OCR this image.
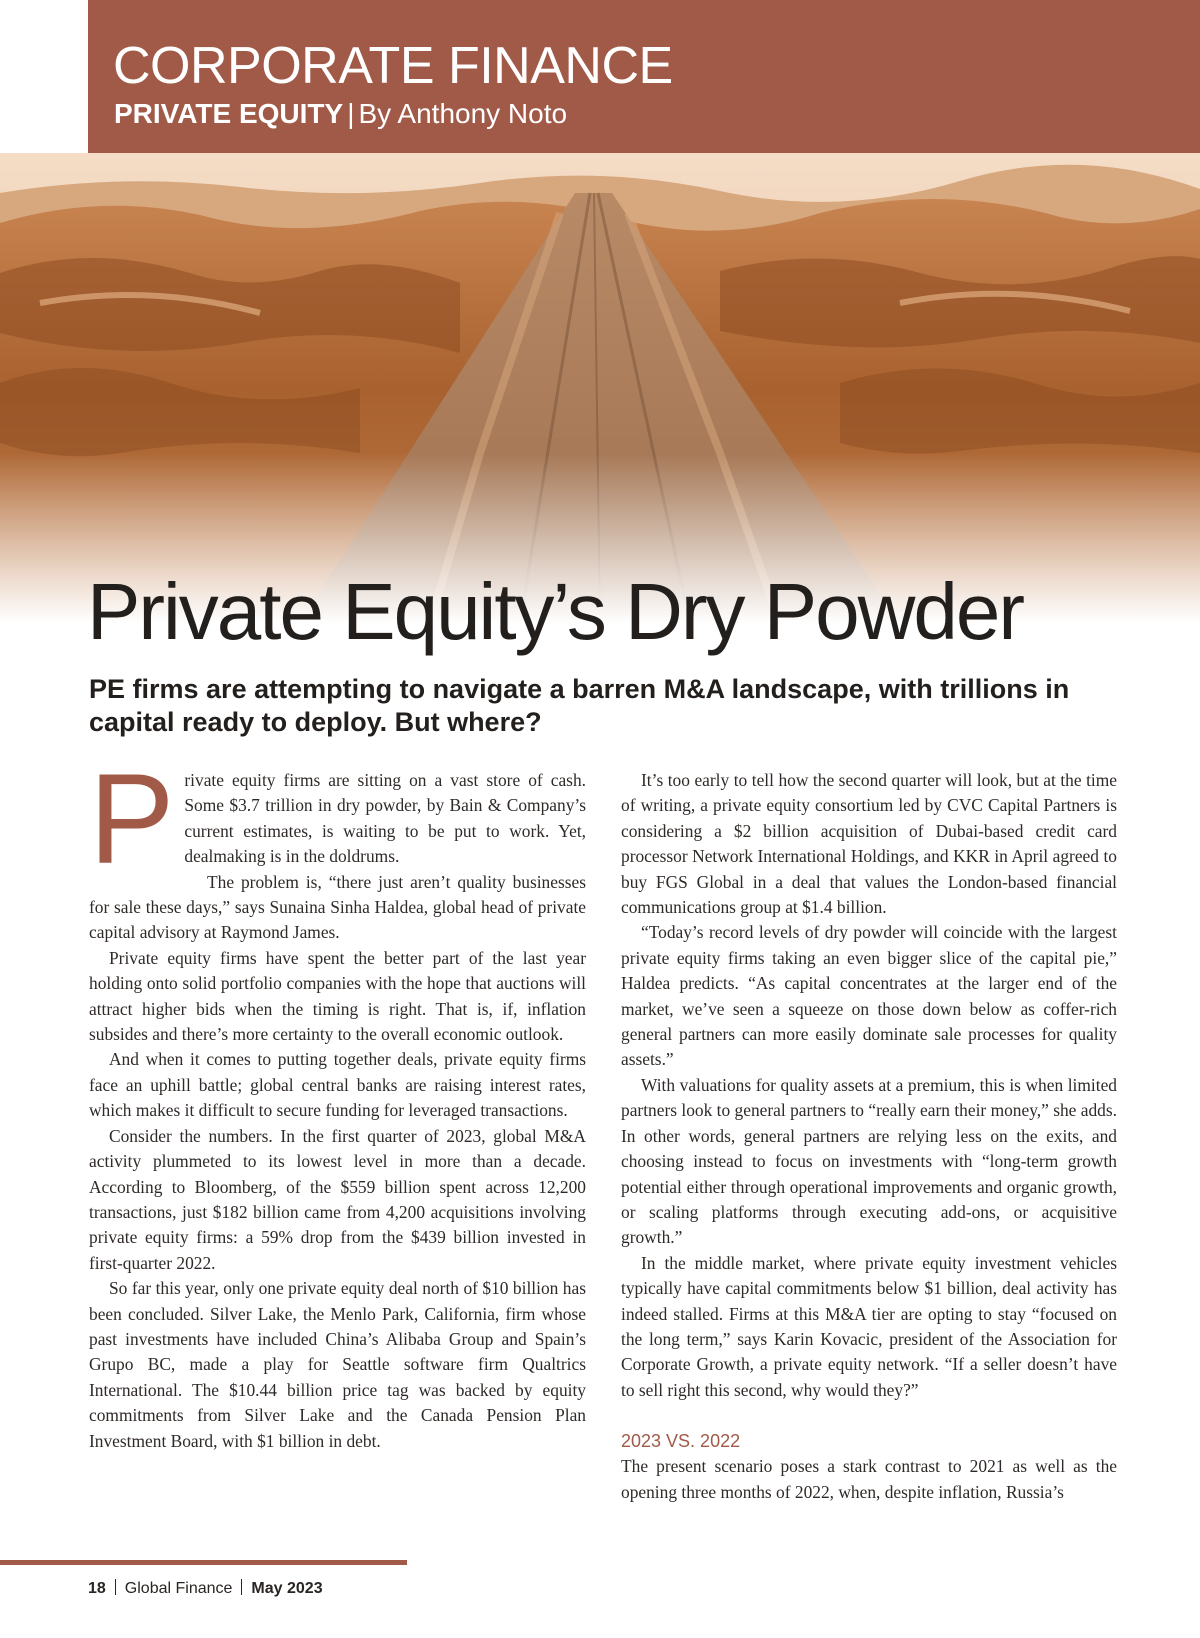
CORPORATE FINANCE
PRIVATE EQUITY | By Anthony Noto
Private Equity’s Dry Powder

PE firms are attempting to navigate a barren M&A landscape, with trillions in capital ready to deploy. But where?

Private equity firms are sitting on a vast store of cash. Some $3.7 trillion in dry powder, by Bain & Company’s current estimates, is waiting to be put to work. Yet, dealmaking is in the doldrums.

The problem is, “there just aren’t quality businesses for sale these days,” says Sunaina Sinha Haldea, global head of private capital advisory at Raymond James.

Private equity firms have spent the better part of the last year holding onto solid portfolio companies with the hope that auctions will attract higher bids when the timing is right. That is, if, inflation subsides and there’s more certainty to the overall economic outlook.

And when it comes to putting together deals, private equity firms face an uphill battle; global central banks are raising interest rates, which makes it difficult to secure funding for leveraged transactions.

Consider the numbers. In the first quarter of 2023, global M&A activity plummeted to its lowest level in more than a decade. According to Bloomberg, of the $559 billion spent across 12,200 transactions, just $182 billion came from 4,200 acquisitions involving private equity firms: a 59% drop from the $439 billion invested in first-quarter 2022.

So far this year, only one private equity deal north of $10 billion has been concluded. Silver Lake, the Menlo Park, California, firm whose past investments have included China’s Alibaba Group and Spain’s Grupo BC, made a play for Seattle software firm Qualtrics International. The $10.44 billion price tag was backed by equity commitments from Silver Lake and the Canada Pension Plan Investment Board, with $1 billion in debt.

It’s too early to tell how the second quarter will look, but at the time of writing, a private equity consortium led by CVC Capital Partners is considering a $2 billion acquisition of Dubai-based credit card processor Network International Holdings, and KKR in April agreed to buy FGS Global in a deal that values the London-based financial communications group at $1.4 billion.

“Today’s record levels of dry powder will coincide with the largest private equity firms taking an even bigger slice of the capital pie,” Haldea predicts. “As capital concentrates at the larger end of the market, we’ve seen a squeeze on those down below as coffer-rich general partners can more easily dominate sale processes for quality assets.”

With valuations for quality assets at a premium, this is when limited partners look to general partners to “really earn their money,” she adds. In other words, general partners are relying less on the exits, and choosing instead to focus on investments with “long-term growth potential either through operational improvements and organic growth, or scaling platforms through executing add-ons, or acquisitive growth.”

In the middle market, where private equity investment vehicles typically have capital commitments below $1 billion, deal activity has indeed stalled. Firms at this M&A tier are opting to stay “focused on the long term,” says Karin Kovacic, president of the Association for Corporate Growth, a private equity network. “If a seller doesn’t have to sell right this second, why would they?”

2023 VS. 2022

The present scenario poses a stark contrast to 2021 as well as the opening three months of 2022, when, despite inflation, Russia’s

18 Global Finance May 2023
